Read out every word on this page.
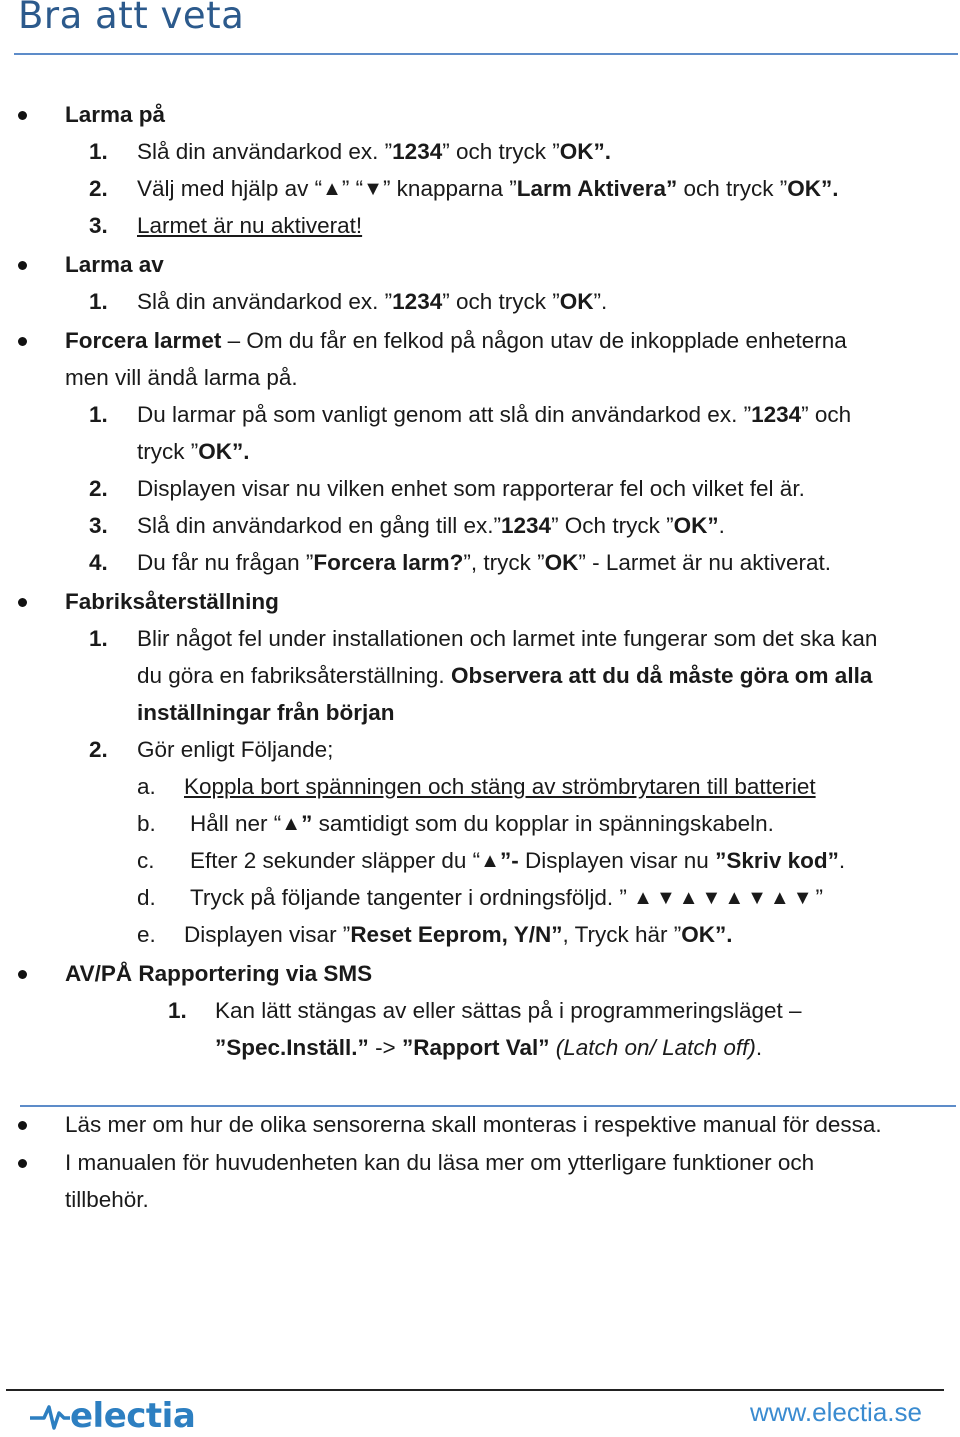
Bra att veta
Larma på
1. Slå din användarkod ex. ”1234” och tryck ”OK”.
2. Välj med hjälp av “▲” “▼” knapparna ”Larm Aktivera” och tryck ”OK”.
3. Larmet är nu aktiverat!
Larma av
1. Slå din användarkod ex. ”1234” och tryck ”OK”.
Forcera larmet – Om du får en felkod på någon utav de inkopplade enheterna
men vill ändå larma på.
1. Du larmar på som vanligt genom att slå din användarkod ex. ”1234” och
tryck ”OK”.
2. Displayen visar nu vilken enhet som rapporterar fel och vilket fel är.
3. Slå din användarkod en gång till ex.”1234” Och tryck ”OK”.
4. Du får nu frågan ”Forcera larm?”, tryck ”OK” - Larmet är nu aktiverat.
Fabriksåterställning
1. Blir något fel under installationen och larmet inte fungerar som det ska kan
du göra en fabriksåterställning. Observera att du då måste göra om alla
inställningar från början
2. Gör enligt Följande;
a. Koppla bort spänningen och stäng av strömbrytaren till batteriet
b. Håll ner “▲” samtidigt som du kopplar in spänningskabeln.
c. Efter 2 sekunder släpper du “▲”- Displayen visar nu ”Skriv kod”.
d. Tryck på följande tangenter i ordningsföljd. ” ▲▼▲▼▲▼▲▼”
e. Displayen visar ”Reset Eeprom, Y/N”, Tryck här ”OK”.
AV/PÅ Rapportering via SMS
1. Kan lätt stängas av eller sättas på i programmeringsläget –
”Spec.Inställ.” -> ”Rapport Val” (Latch on/ Latch off).
Läs mer om hur de olika sensorerna skall monteras i respektive manual för dessa.
I manualen för huvudenheten kan du läsa mer om ytterligare funktioner och
tillbehör.
electia	www.electia.se
